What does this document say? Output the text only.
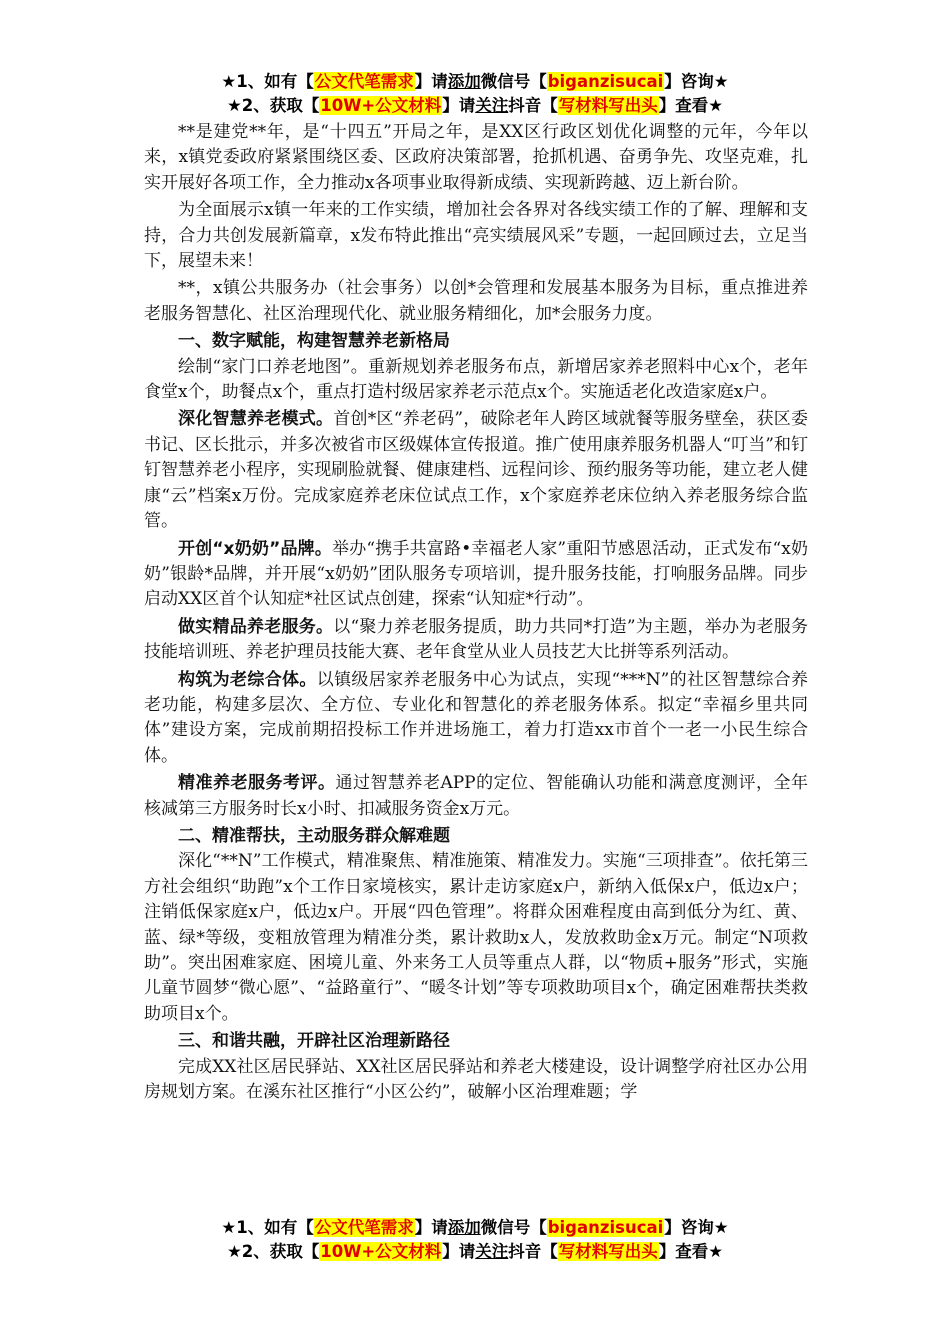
★1、如有【公文代笔需求】请添加微信号【biganzisucai】咨询★
★2、获取【10W+公文材料】请关注抖音【写材料写出头】查看★

**是建党**年，是“十四五”开局之年，是XX区行政区划优化调整的元年，今年以来，x镇党委政府紧紧围绕区委、区政府决策部署，抢抓机遇、奋勇争先、攻坚克难，扎实开展好各项工作，全力推动x各项事业取得新成绩、实现新跨越、迈上新台阶。

为全面展示x镇一年来的工作实绩，增加社会各界对各线实绩工作的了解、理解和支持，合力共创发展新篇章，x发布特此推出“亮实绩展风采”专题，一起回顾过去，立足当下，展望未来！

**，x镇公共服务办（社会事务）以创*会管理和发展基本服务为目标，重点推进养老服务智慧化、社区治理现代化、就业服务精细化，加*会服务力度。

一、数字赋能，构建智慧养老新格局

绘制“家门口养老地图”。重新规划养老服务布点，新增居家养老照料中心x个，老年食堂x个，助餐点x个，重点打造村级居家养老示范点x个。实施适老化改造家庭x户。

深化智慧养老模式。首创*区“养老码”，破除老年人跨区域就餐等服务壁垒，获区委书记、区长批示，并多次被省市区级媒体宣传报道。推广使用康养服务机器人“叮当”和钉钉智慧养老小程序，实现刷脸就餐、健康建档、远程问诊、预约服务等功能，建立老人健康“云”档案x万份。完成家庭养老床位试点工作，x个家庭养老床位纳入养老服务综合监管。

开创“x奶奶”品牌。举办“携手共富路•幸福老人家”重阳节感恩活动，正式发布“x奶奶”银龄*品牌，并开展“x奶奶”团队服务专项培训，提升服务技能，打响服务品牌。同步启动XX区首个认知症*社区试点创建，探索“认知症*行动”。

做实精品养老服务。以“聚力养老服务提质，助力共同*打造”为主题，举办为老服务技能培训班、养老护理员技能大赛、老年食堂从业人员技艺大比拼等系列活动。

构筑为老综合体。以镇级居家养老服务中心为试点，实现“***N”的社区智慧综合养老功能，构建多层次、全方位、专业化和智慧化的养老服务体系。拟定“幸福乡里共同体”建设方案，完成前期招投标工作并进场施工，着力打造xx市首个一老一小民生综合体。

精准养老服务考评。通过智慧养老APP的定位、智能确认功能和满意度测评，全年核减第三方服务时长x小时、扣减服务资金x万元。

二、精准帮扶，主动服务群众解难题

深化“**N”工作模式，精准聚焦、精准施策、精准发力。实施“三项排查”。依托第三方社会组织“助跑”x个工作日家境核实，累计走访家庭x户，新纳入低保x户，低边x户；注销低保家庭x户，低边x户。开展“四色管理”。将群众困难程度由高到低分为红、黄、蓝、绿*等级，变粗放管理为精准分类，累计救助x人，发放救助金x万元。制定“N项救助”。突出困难家庭、困境儿童、外来务工人员等重点人群，以“物质+服务”形式，实施儿童节圆梦“微心愿”、“益路童行”、“暖冬计划”等专项救助项目x个，确定困难帮扶类救助项目x个。

三、和谐共融，开辟社区治理新路径

完成XX社区居民驿站、XX社区居民驿站和养老大楼建设，设计调整学府社区办公用房规划方案。在溪东社区推行“小区公约”，破解小区治理难题；学

★1、如有【公文代笔需求】请添加微信号【biganzisucai】咨询★
★2、获取【10W+公文材料】请关注抖音【写材料写出头】查看★
